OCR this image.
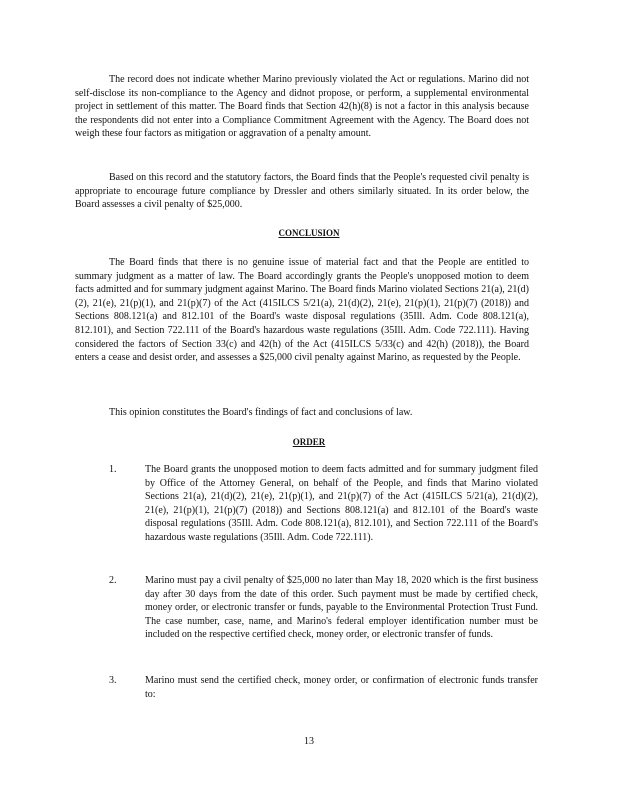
The record does not indicate whether Marino previously violated the Act or regulations. Marino did not self-disclose its non-compliance to the Agency and didnot propose, or perform, a supplemental environmental project in settlement of this matter. The Board finds that Section 42(h)(8) is not a factor in this analysis because the respondents did not enter into a Compliance Commitment Agreement with the Agency. The Board does not weigh these four factors as mitigation or aggravation of a penalty amount.

Based on this record and the statutory factors, the Board finds that the People's requested civil penalty is appropriate to encourage future compliance by Dressler and others similarly situated. In its order below, the Board assesses a civil penalty of $25,000.

CONCLUSION

The Board finds that there is no genuine issue of material fact and that the People are entitled to summary judgment as a matter of law. The Board accordingly grants the People's unopposed motion to deem facts admitted and for summary judgment against Marino. The Board finds Marino violated Sections 21(a), 21(d)(2), 21(e), 21(p)(1), and 21(p)(7) of the Act (415ILCS 5/21(a), 21(d)(2), 21(e), 21(p)(1), 21(p)(7) (2018)) and Sections 808.121(a) and 812.101 of the Board's waste disposal regulations (35Ill. Adm. Code 808.121(a), 812.101), and Section 722.111 of the Board's hazardous waste regulations (35Ill. Adm. Code 722.111). Having considered the factors of Section 33(c) and 42(h) of the Act (415ILCS 5/33(c) and 42(h) (2018)), the Board enters a cease and desist order, and assesses a $25,000 civil penalty against Marino, as requested by the People.

This opinion constitutes the Board's findings of fact and conclusions of law.

ORDER

1.	The Board grants the unopposed motion to deem facts admitted and for summary judgment filed by Office of the Attorney General, on behalf of the People, and finds that Marino violated Sections 21(a), 21(d)(2), 21(e), 21(p)(1), and 21(p)(7) of the Act (415ILCS 5/21(a), 21(d)(2), 21(e), 21(p)(1), 21(p)(7) (2018)) and Sections 808.121(a) and 812.101 of the Board's waste disposal regulations (35Ill. Adm. Code 808.121(a), 812.101), and Section 722.111 of the Board's hazardous waste regulations (35Ill. Adm. Code 722.111).

2.	Marino must pay a civil penalty of $25,000 no later than May 18, 2020 which is the first business day after 30 days from the date of this order. Such payment must be made by certified check, money order, or electronic transfer or funds, payable to the Environmental Protection Trust Fund. The case number, case, name, and Marino's federal employer identification number must be included on the respective certified check, money order, or electronic transfer of funds.

3.	Marino must send the certified check, money order, or confirmation of electronic funds transfer to:

13
